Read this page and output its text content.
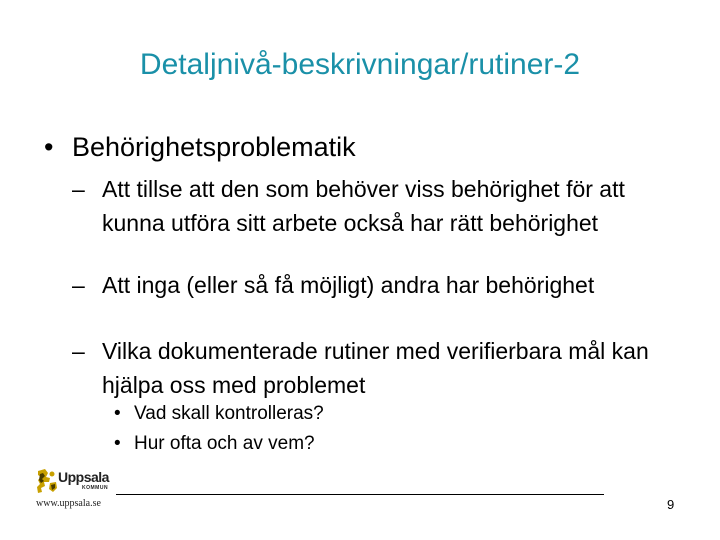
Detaljnivå-beskrivningar/rutiner-2
• Behörighetsproblematik
– Att tillse att den som behöver viss behörighet för att kunna utföra sitt arbete också har rätt behörighet
– Att inga (eller så få möjligt) andra har behörighet
– Vilka dokumenterade rutiner med verifierbara mål kan hjälpa oss med problemet
• Vad skall kontrolleras?
• Hur ofta och av vem?
Uppsala
KOMMUN
www.uppsala.se	9
